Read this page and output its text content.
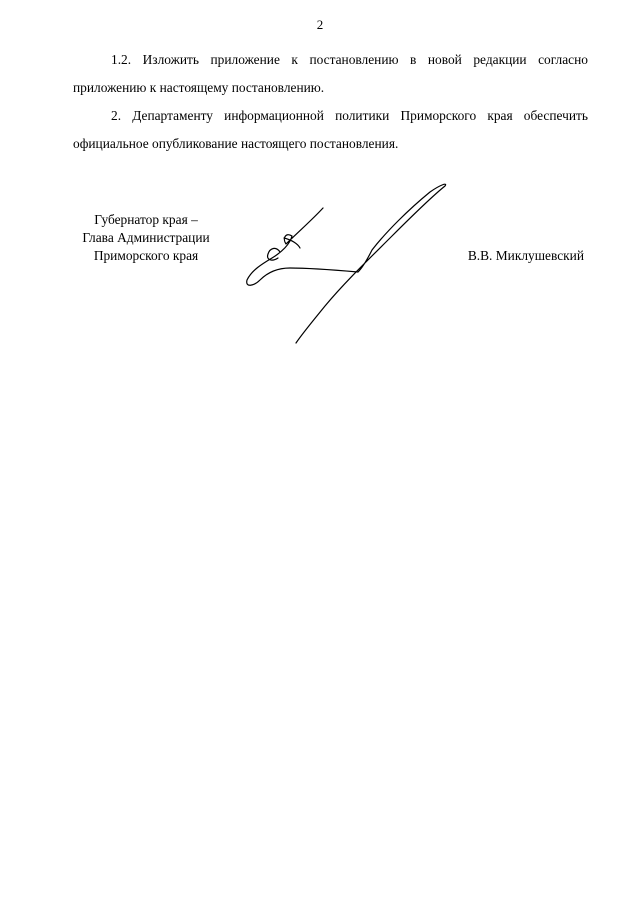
2
1.2. Изложить приложение к постановлению в новой редакции согласно приложению к настоящему постановлению.
2. Департаменту информационной политики Приморского края обеспечить официальное опубликование настоящего постановления.
Губернатор края –
Глава Администрации
Приморского края	В.В. Миклушевский
